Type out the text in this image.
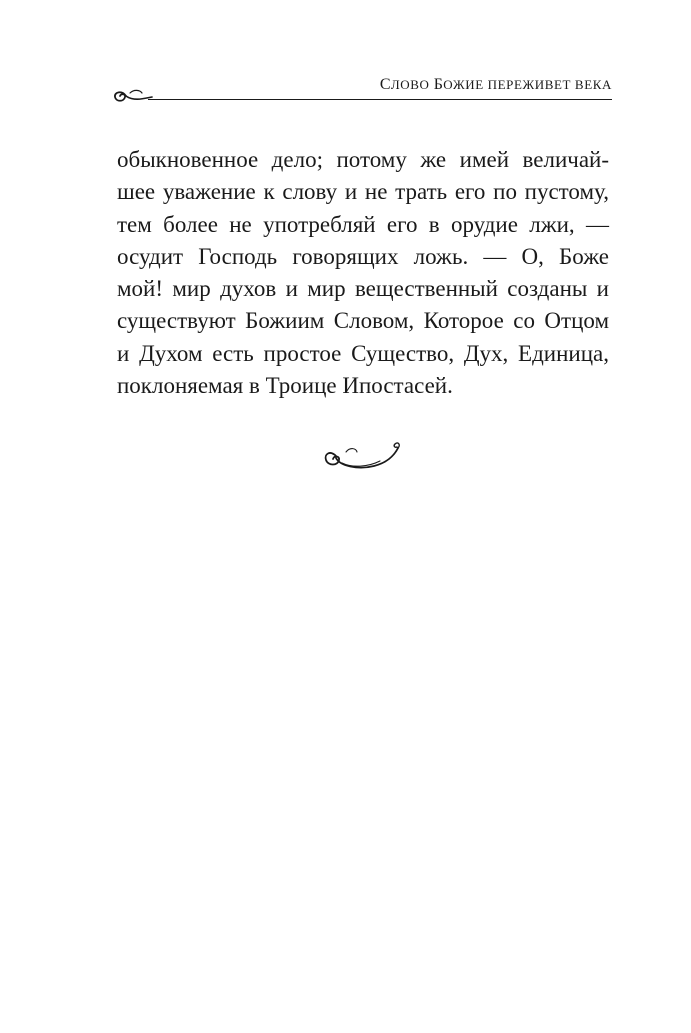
СЛОВО БОЖИЕ ПЕРЕЖИВЕТ ВЕКА
обыкновенное дело; потому же имей величай-
шее уважение к слову и не трать его по пустому,
тем более не употребляй его в орудие лжи, —
осудит Господь говорящих ложь. — О, Боже
мой! мир духов и мир вещественный созданы и
существуют Божиим Словом, Которое со Отцом
и Духом есть простое Существо, Дух, Единица,
поклоняемая в Троице Ипостасей.
